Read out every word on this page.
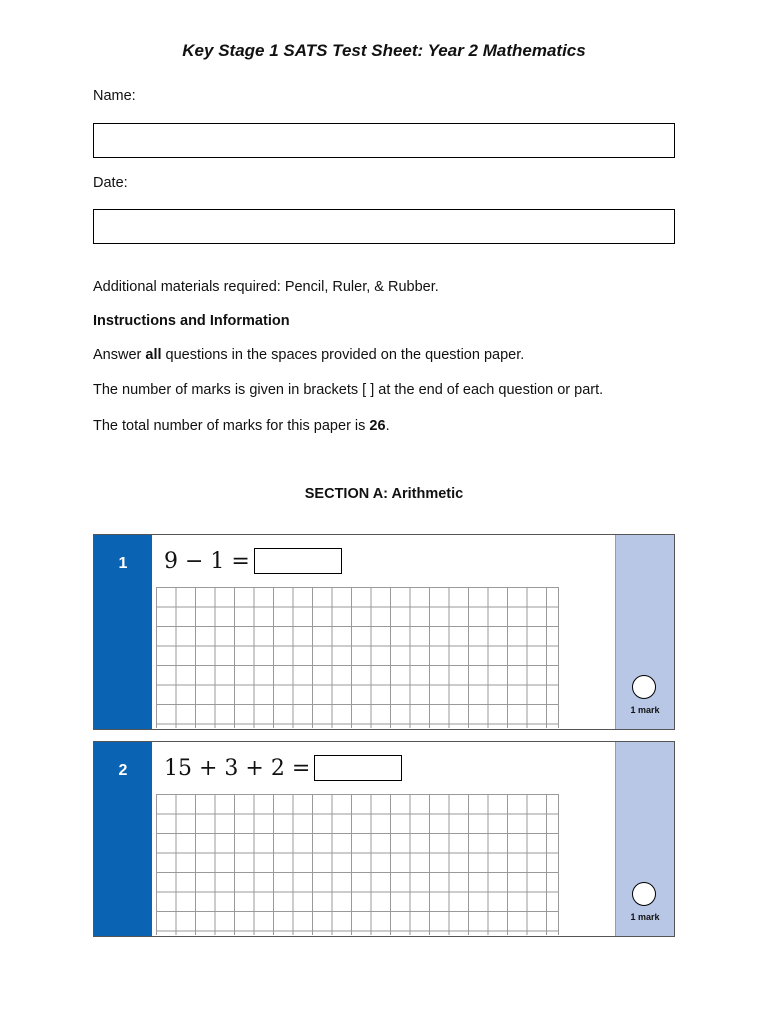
Key Stage 1 SATS Test Sheet: Year 2 Mathematics
Name:
Date:
Additional materials required: Pencil, Ruler, & Rubber.
Instructions and Information
Answer all questions in the spaces provided on the question paper.
The number of marks is given in brackets [ ] at the end of each question or part.
The total number of marks for this paper is 26.
SECTION A: Arithmetic
1	9 − 1 =
1 mark
2	15 + 3 + 2 =
1 mark
